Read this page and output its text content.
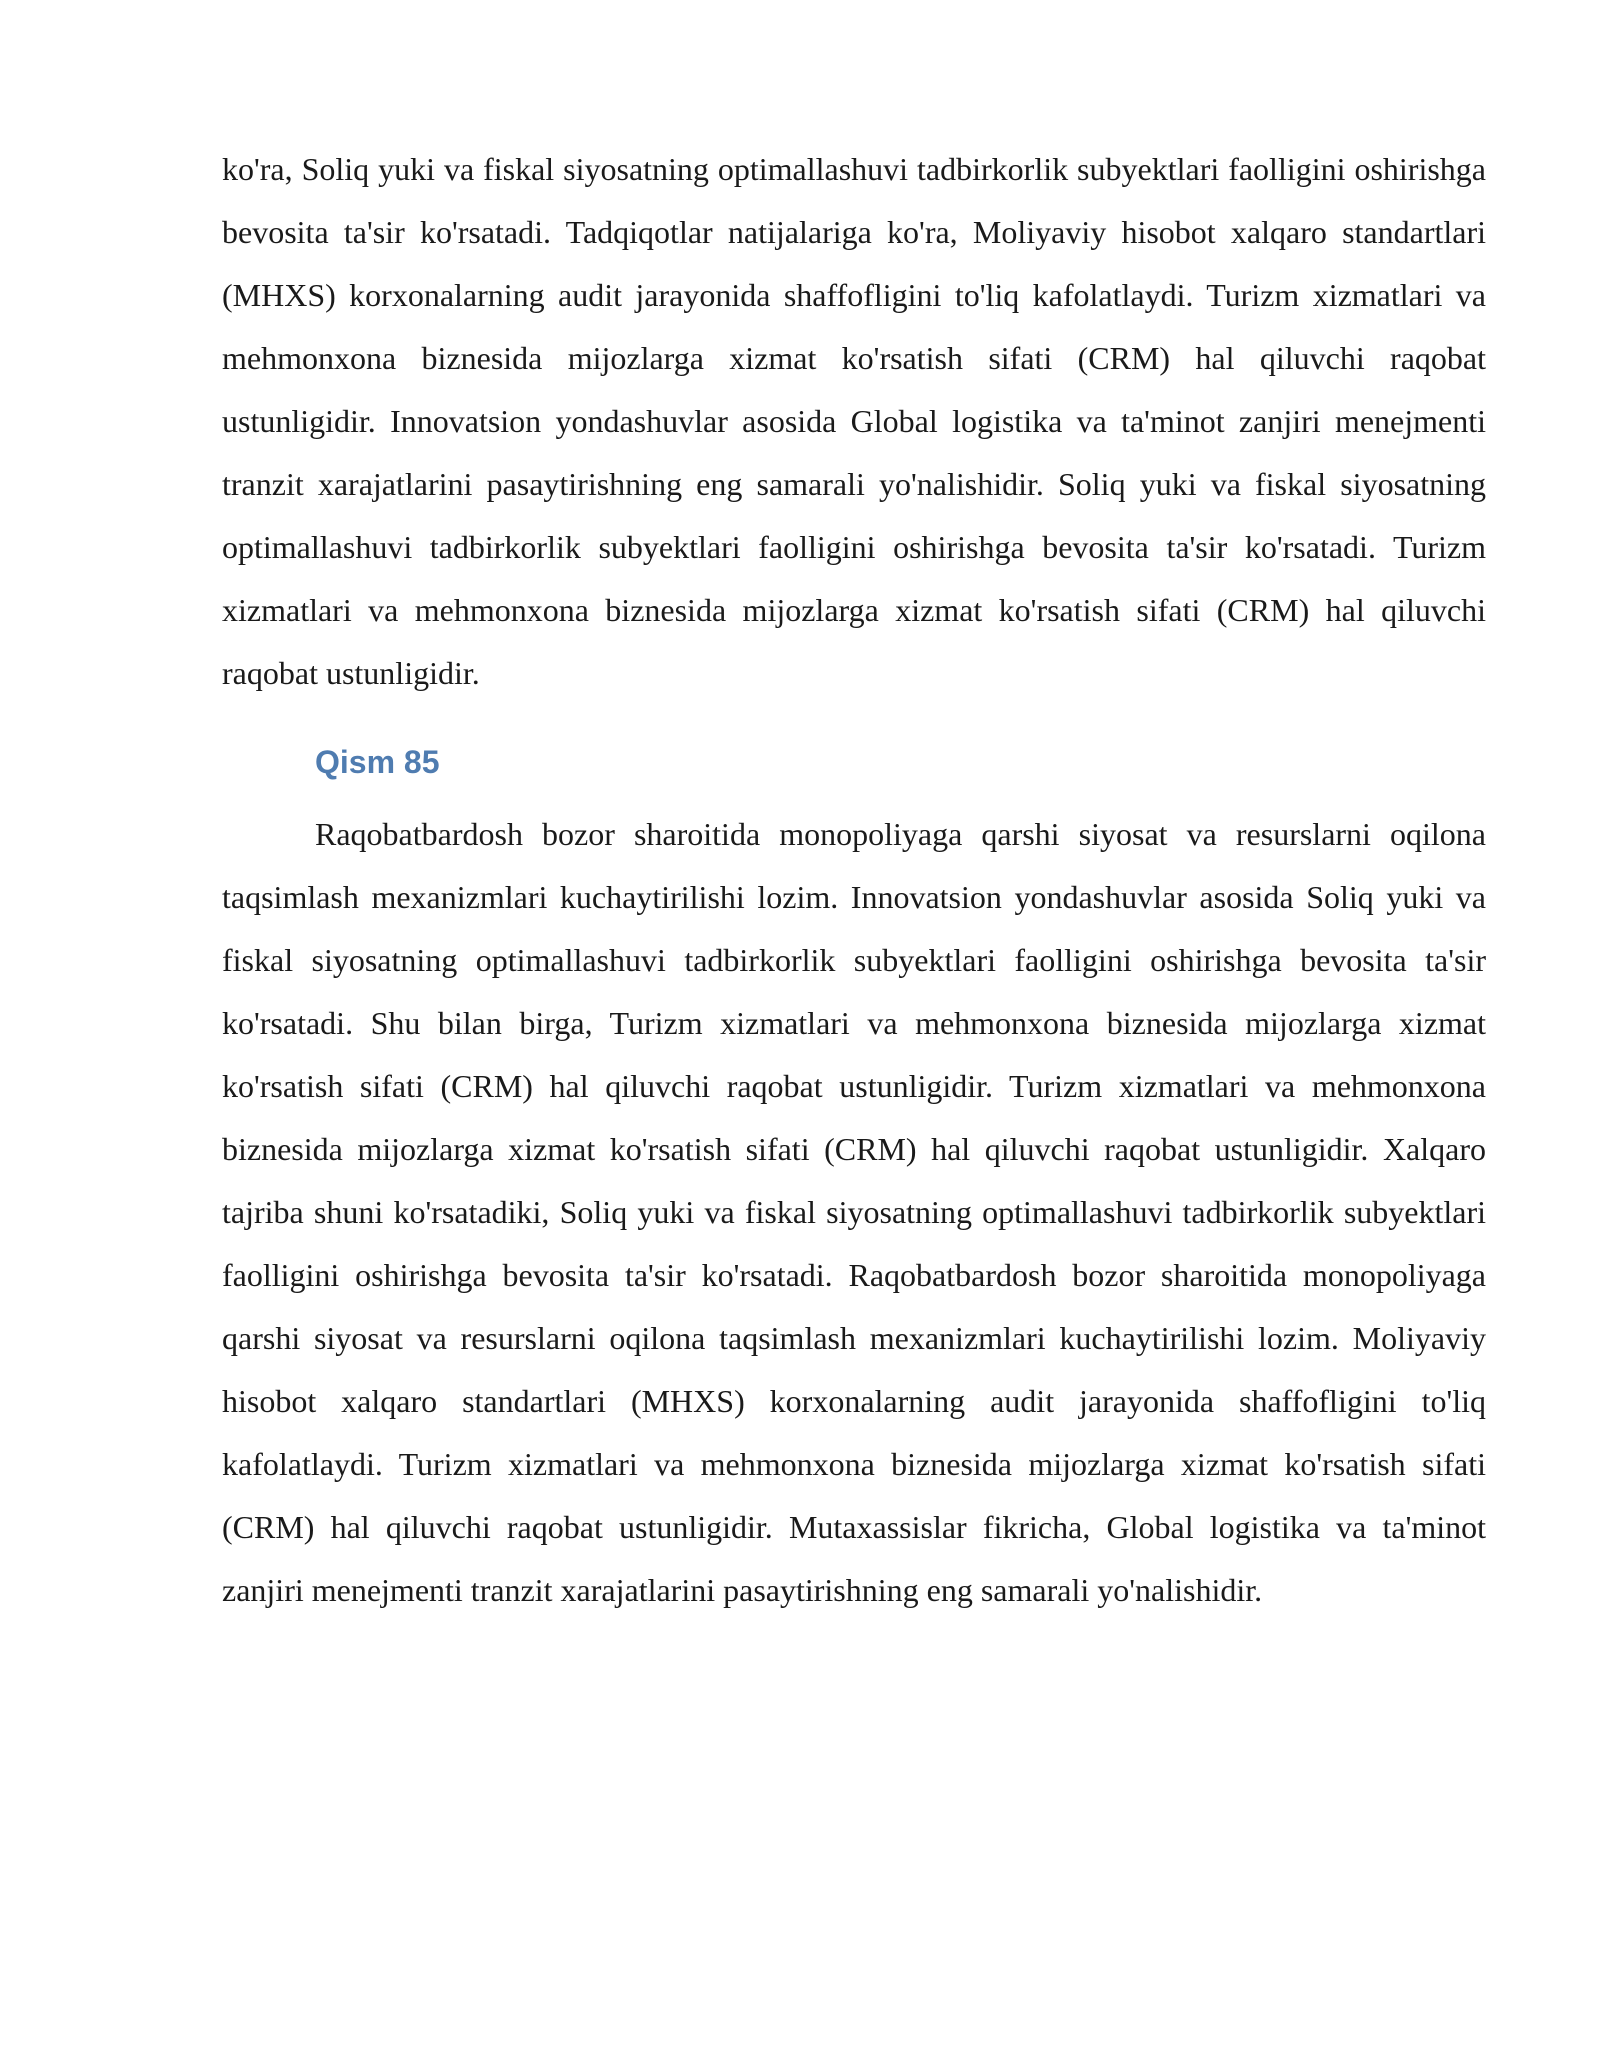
ko'ra, Soliq yuki va fiskal siyosatning optimallashuvi tadbirkorlik subyektlari faolligini oshirishga bevosita ta'sir ko'rsatadi. Tadqiqotlar natijalariga ko'ra, Moliyaviy hisobot xalqaro standartlari (MHXS) korxonalarning audit jarayonida shaffofligini to'liq kafolatlaydi. Turizm xizmatlari va mehmonxona biznesida mijozlarga xizmat ko'rsatish sifati (CRM) hal qiluvchi raqobat ustunligidir. Innovatsion yondashuvlar asosida Global logistika va ta'minot zanjiri menejmenti tranzit xarajatlarini pasaytirishning eng samarali yo'nalishidir. Soliq yuki va fiskal siyosatning optimallashuvi tadbirkorlik subyektlari faolligini oshirishga bevosita ta'sir ko'rsatadi. Turizm xizmatlari va mehmonxona biznesida mijozlarga xizmat ko'rsatish sifati (CRM) hal qiluvchi raqobat ustunligidir.

Qism 85

Raqobatbardosh bozor sharoitida monopoliyaga qarshi siyosat va resurslarni oqilona taqsimlash mexanizmlari kuchaytirilishi lozim. Innovatsion yondashuvlar asosida Soliq yuki va fiskal siyosatning optimallashuvi tadbirkorlik subyektlari faolligini oshirishga bevosita ta'sir ko'rsatadi. Shu bilan birga, Turizm xizmatlari va mehmonxona biznesida mijozlarga xizmat ko'rsatish sifati (CRM) hal qiluvchi raqobat ustunligidir. Turizm xizmatlari va mehmonxona biznesida mijozlarga xizmat ko'rsatish sifati (CRM) hal qiluvchi raqobat ustunligidir. Xalqaro tajriba shuni ko'rsatadiki, Soliq yuki va fiskal siyosatning optimallashuvi tadbirkorlik subyektlari faolligini oshirishga bevosita ta'sir ko'rsatadi. Raqobatbardosh bozor sharoitida monopoliyaga qarshi siyosat va resurslarni oqilona taqsimlash mexanizmlari kuchaytirilishi lozim. Moliyaviy hisobot xalqaro standartlari (MHXS) korxonalarning audit jarayonida shaffofligini to'liq kafolatlaydi. Turizm xizmatlari va mehmonxona biznesida mijozlarga xizmat ko'rsatish sifati (CRM) hal qiluvchi raqobat ustunligidir. Mutaxassislar fikricha, Global logistika va ta'minot zanjiri menejmenti tranzit xarajatlarini pasaytirishning eng samarali yo'nalishidir.
